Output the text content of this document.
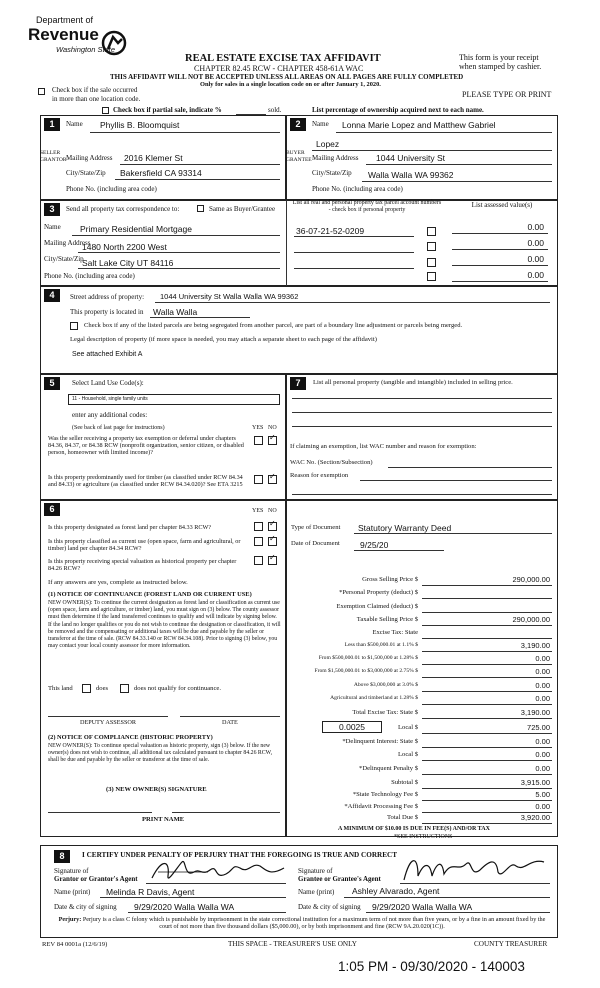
Department of
Revenue
Washington State
REAL ESTATE EXCISE TAX AFFIDAVIT
CHAPTER 82.45 RCW - CHAPTER 458-61A WAC
THIS AFFIDAVIT WILL NOT BE ACCEPTED UNLESS ALL AREAS ON ALL PAGES ARE FULLY COMPLETED
Only for sales in a single location code on or after January 1, 2020.
This form is your receipt
when stamped by cashier.
PLEASE TYPE OR PRINT
Check box if the sale occurred
in more than one location code.
Check box if partial sale, indicate %	sold.	List percentage of ownership acquired next to each name.
1
SELLER GRANTOR
Name Phyllis B. Bloomquist
Mailing Address 2016 Klemer St
City/State/Zip Bakersfield CA 93314
Phone No. (including area code)
2
BUYER GRANTEE
Name Lonna Marie Lopez and Matthew Gabriel
Lopez
Mailing Address 1044 University St
City/State/Zip Walla Walla WA 99362
Phone No. (including area code)
3	Send all property tax correspondence to:	Same as Buyer/Grantee
List all real and personal property tax parcel account numbers - check box if personal property
List assessed value(s)
Name Primary Residential Mortgage
Mailing Address
1480 North 2200 West
City/State/Zip
Salt Lake City UT 84116
Phone No. (including area code)
36-07-21-52-0209	0.00
0.00
0.00
0.00
4	Street address of property: 1044 University St Walla Walla WA 99362
This property is located in Walla Walla
Check box if any of the listed parcels are being segregated from another parcel, are part of a boundary line adjustment or parcels being merged.
Legal description of property (if more space is needed, you may attach a separate sheet to each page of the affidavit)
See attached Exhibit A
5	Select Land Use Code(s):
11 - Household, single family units
enter any additional codes:
(See back of last page for instructions)	YES NO
Was the seller receiving a property tax exemption or deferral under chapters 84.36, 84.37, or 84.38 RCW (nonprofit organization, senior citizen, or disabled person, homeowner with limited income)?
✓
Is this property predominantly used for timber (as classified under RCW 84.34 and 84.33) or agriculture (as classified under RCW 84.34.020)? See ETA 3215
✓
7	List all personal property (tangible and intangible) included in selling price.
If claiming an exemption, list WAC number and reason for exemption:
WAC No. (Section/Subsection)
Reason for exemption
6	YES NO
Is this property designated as forest land per chapter 84.33 RCW?
✓
Is this property classified as current use (open space, farm and agricultural, or timber) land per chapter 84.34 RCW?
✓
Is this property receiving special valuation as historical property per chapter 84.26 RCW?
✓
If any answers are yes, complete as instructed below.
(1) NOTICE OF CONTINUANCE (FOREST LAND OR CURRENT USE)
NEW OWNER(S): To continue the current designation as forest land or classification as current use (open space, farm and agriculture, or timber) land, you must sign on (3) below. The county assessor must then determine if the land transferred continues to qualify and will indicate by signing below. If the land no longer qualifies or you do not wish to continue the designation or classification, it will be removed and the compensating or additional taxes will be due and payable by the seller or transferor at the time of sale. (RCW 84.33.140 or RCW 84.34.108). Prior to signing (3) below, you may contact your local county assessor for more information.
This land	does	does not qualify for continuance.
DEPUTY ASSESSOR	DATE
(2) NOTICE OF COMPLIANCE (HISTORIC PROPERTY)
NEW OWNER(S): To continue special valuation as historic property, sign (3) below. If the new owner(s) does not wish to continue, all additional tax calculated pursuant to chapter 84.26 RCW, shall be due and payable by the seller or transferor at the time of sale.
(3) NEW OWNER(S) SIGNATURE
PRINT NAME
Type of Document Statutory Warranty Deed
Date of Document 9/25/20
Gross Selling Price $	290,000.00
*Personal Property (deduct) $
Exemption Claimed (deduct) $
Taxable Selling Price $	290,000.00
Excise Tax: State
Less than $500,000.01 at 1.1% $	3,190.00
From $500,000.01 to $1,500,000 at 1.28% $	0.00
From $1,500,000.01 to $3,000,000 at 2.75% $	0.00
Above $3,000,000 at 3.0% $	0.00
Agricultural and timberland at 1.28% $	0.00
Total Excise Tax: State $	3,190.00
Local $	725.00
*Delinquent Interest: State $	0.00
Local $	0.00
*Delinquent Penalty $	0.00
Subtotal $	3,915.00
*State Technology Fee $	5.00
*Affidavit Processing Fee $	0.00
Total Due $	3,920.00
0.0025
A MINIMUM OF $10.00 IS DUE IN FEE(S) AND/OR TAX
*SEE INSTRUCTIONS
8	I CERTIFY UNDER PENALTY OF PERJURY THAT THE FOREGOING IS TRUE AND CORRECT
Signature of
Grantor or Grantor's Agent
Signature of
Grantee or Grantee's Agent
Name (print) Melinda R Davis, Agent	Name (print) Ashley Alvarado, Agent
Date & city of signing 9/29/2020 Walla Walla WA	Date & city of signing 9/29/2020 Walla Walla WA
Perjury: Perjury is a class C felony which is punishable by imprisonment in the state correctional institution for a maximum term of not more than five years, or by a fine in an amount fixed by the court of not more than five thousand dollars ($5,000.00), or by both imprisonment and fine (RCW 9A.20.020(1C)).
REV 84 0001a (12/6/19)	THIS SPACE - TREASURER'S USE ONLY	COUNTY TREASURER
1:05 PM - 09/30/2020 - 140003
